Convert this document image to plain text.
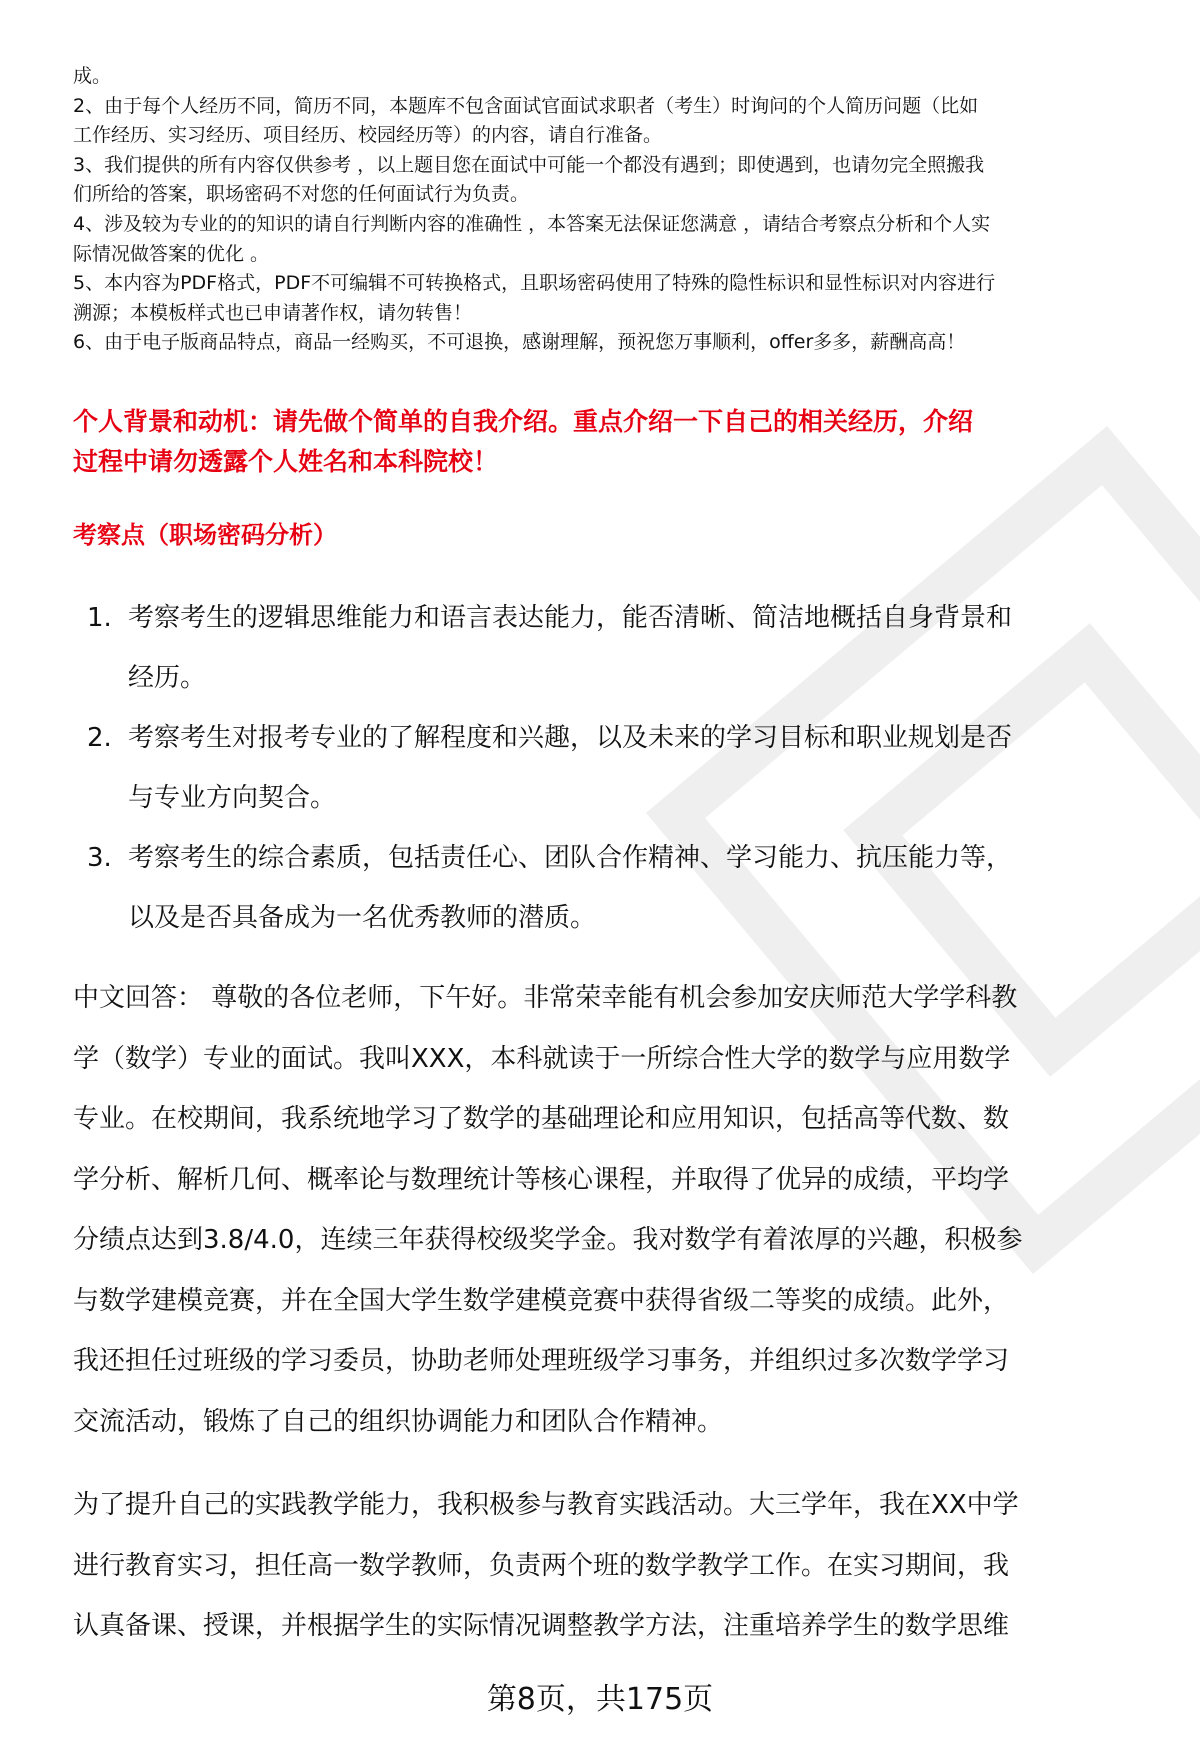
成。
2、由于每个人经历不同，简历不同，本题库不包含面试官面试求职者（考生）时询问的个人简历问题（比如
工作经历、实习经历、项目经历、校园经历等）的内容，请自行准备。
3、我们提供的所有内容仅供参考 ，以上题目您在面试中可能一个都没有遇到；即使遇到，也请勿完全照搬我
们所给的答案，职场密码不对您的任何面试行为负责。
4、涉及较为专业的的知识的请自行判断内容的准确性 ，本答案无法保证您满意 ，请结合考察点分析和个人实
际情况做答案的优化 。
5、本内容为PDF格式，PDF不可编辑不可转换格式，且职场密码使用了特殊的隐性标识和显性标识对内容进行
溯源；本模板样式也已申请著作权，请勿转售！
6、由于电子版商品特点，商品一经购买，不可退换，感谢理解，预祝您万事顺利，offer多多，薪酬高高！
个人背景和动机：请先做个简单的自我介绍。重点介绍一下自己的相关经历，介绍
过程中请勿透露个人姓名和本科院校！
考察点（职场密码分析）
1. 考察考生的逻辑思维能力和语言表达能力，能否清晰、简洁地概括自身背景和
经历。
2. 考察考生对报考专业的了解程度和兴趣，以及未来的学习目标和职业规划是否
与专业方向契合。
3. 考察考生的综合素质，包括责任心、团队合作精神、学习能力、抗压能力等，
以及是否具备成为一名优秀教师的潜质。
中文回答： 尊敬的各位老师，下午好。非常荣幸能有机会参加安庆师范大学学科教
学（数学）专业的面试。我叫XXX，本科就读于一所综合性大学的数学与应用数学
专业。在校期间，我系统地学习了数学的基础理论和应用知识，包括高等代数、数
学分析、解析几何、概率论与数理统计等核心课程，并取得了优异的成绩，平均学
分绩点达到3.8/4.0，连续三年获得校级奖学金。我对数学有着浓厚的兴趣，积极参
与数学建模竞赛，并在全国大学生数学建模竞赛中获得省级二等奖的成绩。此外，
我还担任过班级的学习委员，协助老师处理班级学习事务，并组织过多次数学学习
交流活动，锻炼了自己的组织协调能力和团队合作精神。
为了提升自己的实践教学能力，我积极参与教育实践活动。大三学年，我在XX中学
进行教育实习，担任高一数学教师，负责两个班的数学教学工作。在实习期间，我
认真备课、授课，并根据学生的实际情况调整教学方法，注重培养学生的数学思维
第8页，共175页
